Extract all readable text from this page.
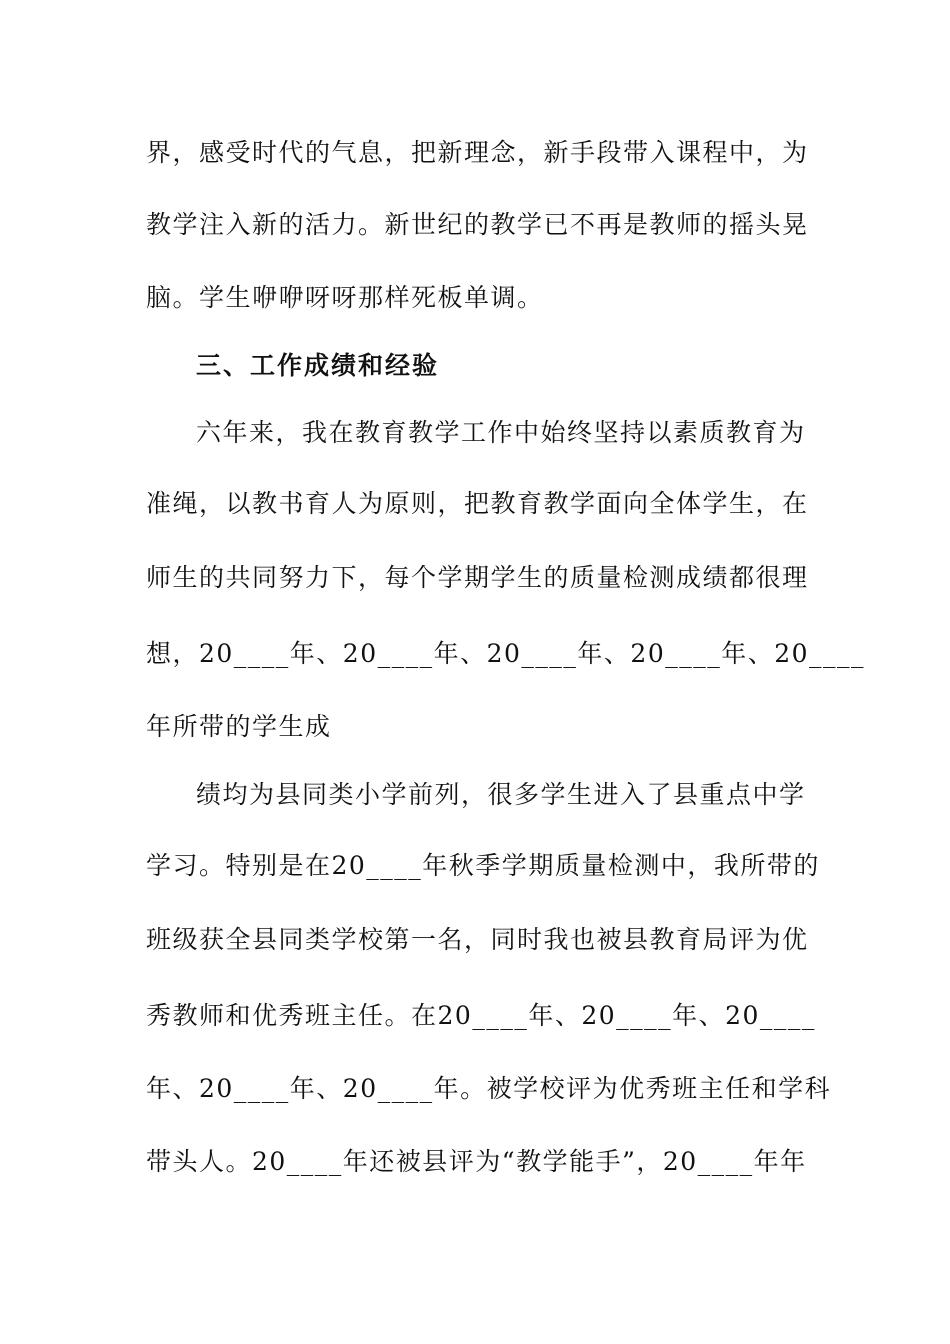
界，感受时代的气息，把新理念，新手段带入课程中，为
教学注入新的活力。新世纪的教学已不再是教师的摇头晃
脑。学生咿咿呀呀那样死板单调。
三、工作成绩和经验
六年来，我在教育教学工作中始终坚持以素质教育为
准绳，以教书育人为原则，把教育教学面向全体学生，在
师生的共同努力下，每个学期学生的质量检测成绩都很理
想，20____年、20____年、20____年、20____年、20____
年所带的学生成
绩均为县同类小学前列，很多学生进入了县重点中学
学习。特别是在20____年秋季学期质量检测中，我所带的
班级获全县同类学校第一名，同时我也被县教育局评为优
秀教师和优秀班主任。在20____年、20____年、20____
年、20____年、20____年。被学校评为优秀班主任和学科
带头人。20____年还被县评为“教学能手”，20____年年
